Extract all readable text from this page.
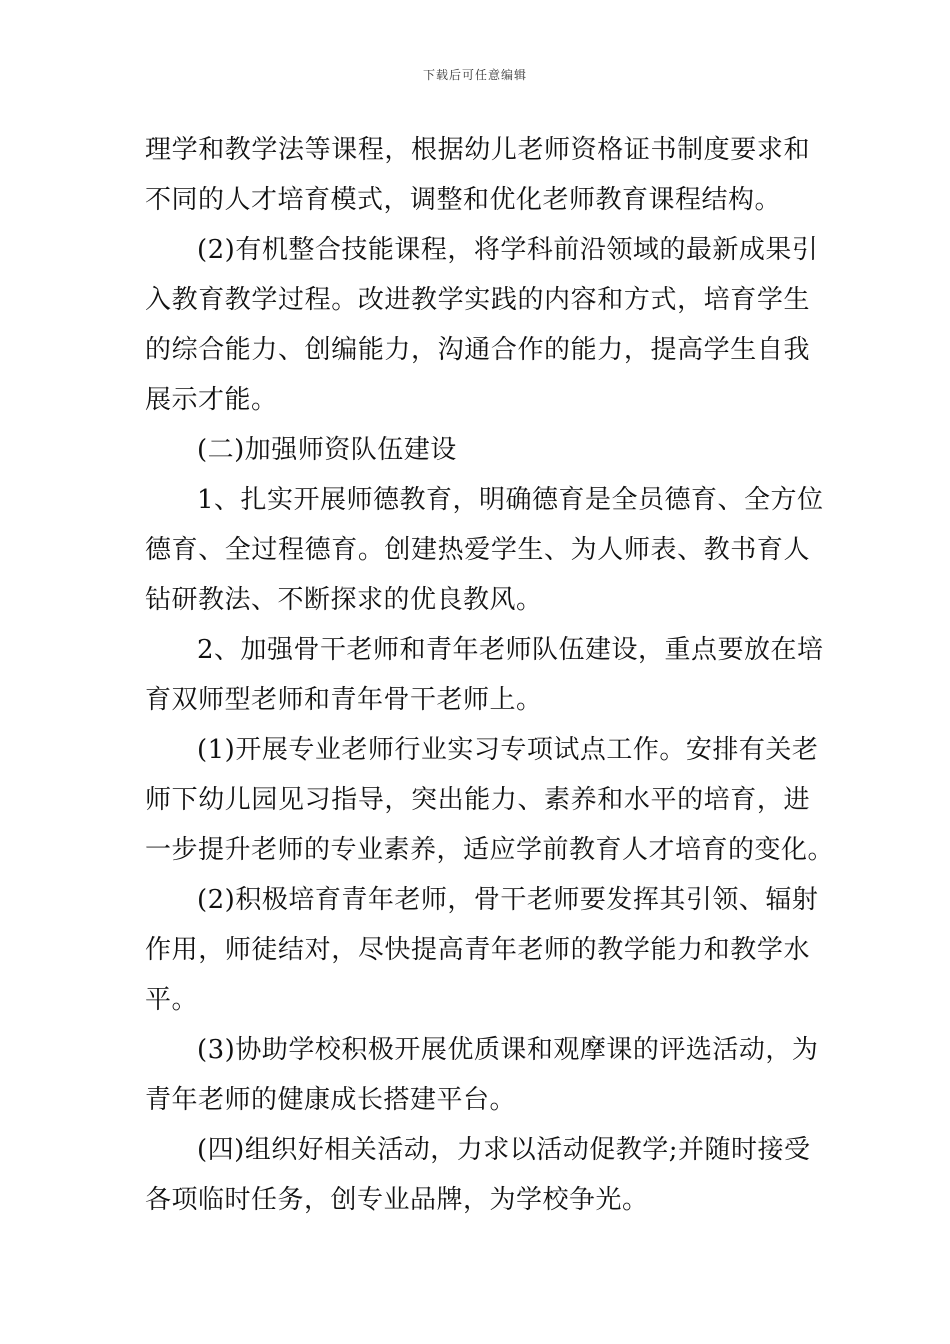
下载后可任意编辑
理学和教学法等课程，根据幼儿老师资格证书制度要求和
不同的人才培育模式，调整和优化老师教育课程结构。
(2)有机整合技能课程，将学科前沿领域的最新成果引
入教育教学过程。改进教学实践的内容和方式，培育学生
的综合能力、创编能力，沟通合作的能力，提高学生自我
展示才能。
(二)加强师资队伍建设
1、扎实开展师德教育，明确德育是全员德育、全方位
德育、全过程德育。创建热爱学生、为人师表、教书育人
钻研教法、不断探求的优良教风。
2、加强骨干老师和青年老师队伍建设，重点要放在培
育双师型老师和青年骨干老师上。
(1)开展专业老师行业实习专项试点工作。安排有关老
师下幼儿园见习指导，突出能力、素养和水平的培育，进
一步提升老师的专业素养，适应学前教育人才培育的变化。
(2)积极培育青年老师，骨干老师要发挥其引领、辐射
作用，师徒结对，尽快提高青年老师的教学能力和教学水
平。
(3)协助学校积极开展优质课和观摩课的评选活动，为
青年老师的健康成长搭建平台。
(四)组织好相关活动，力求以活动促教学;并随时接受
各项临时任务，创专业品牌，为学校争光。
